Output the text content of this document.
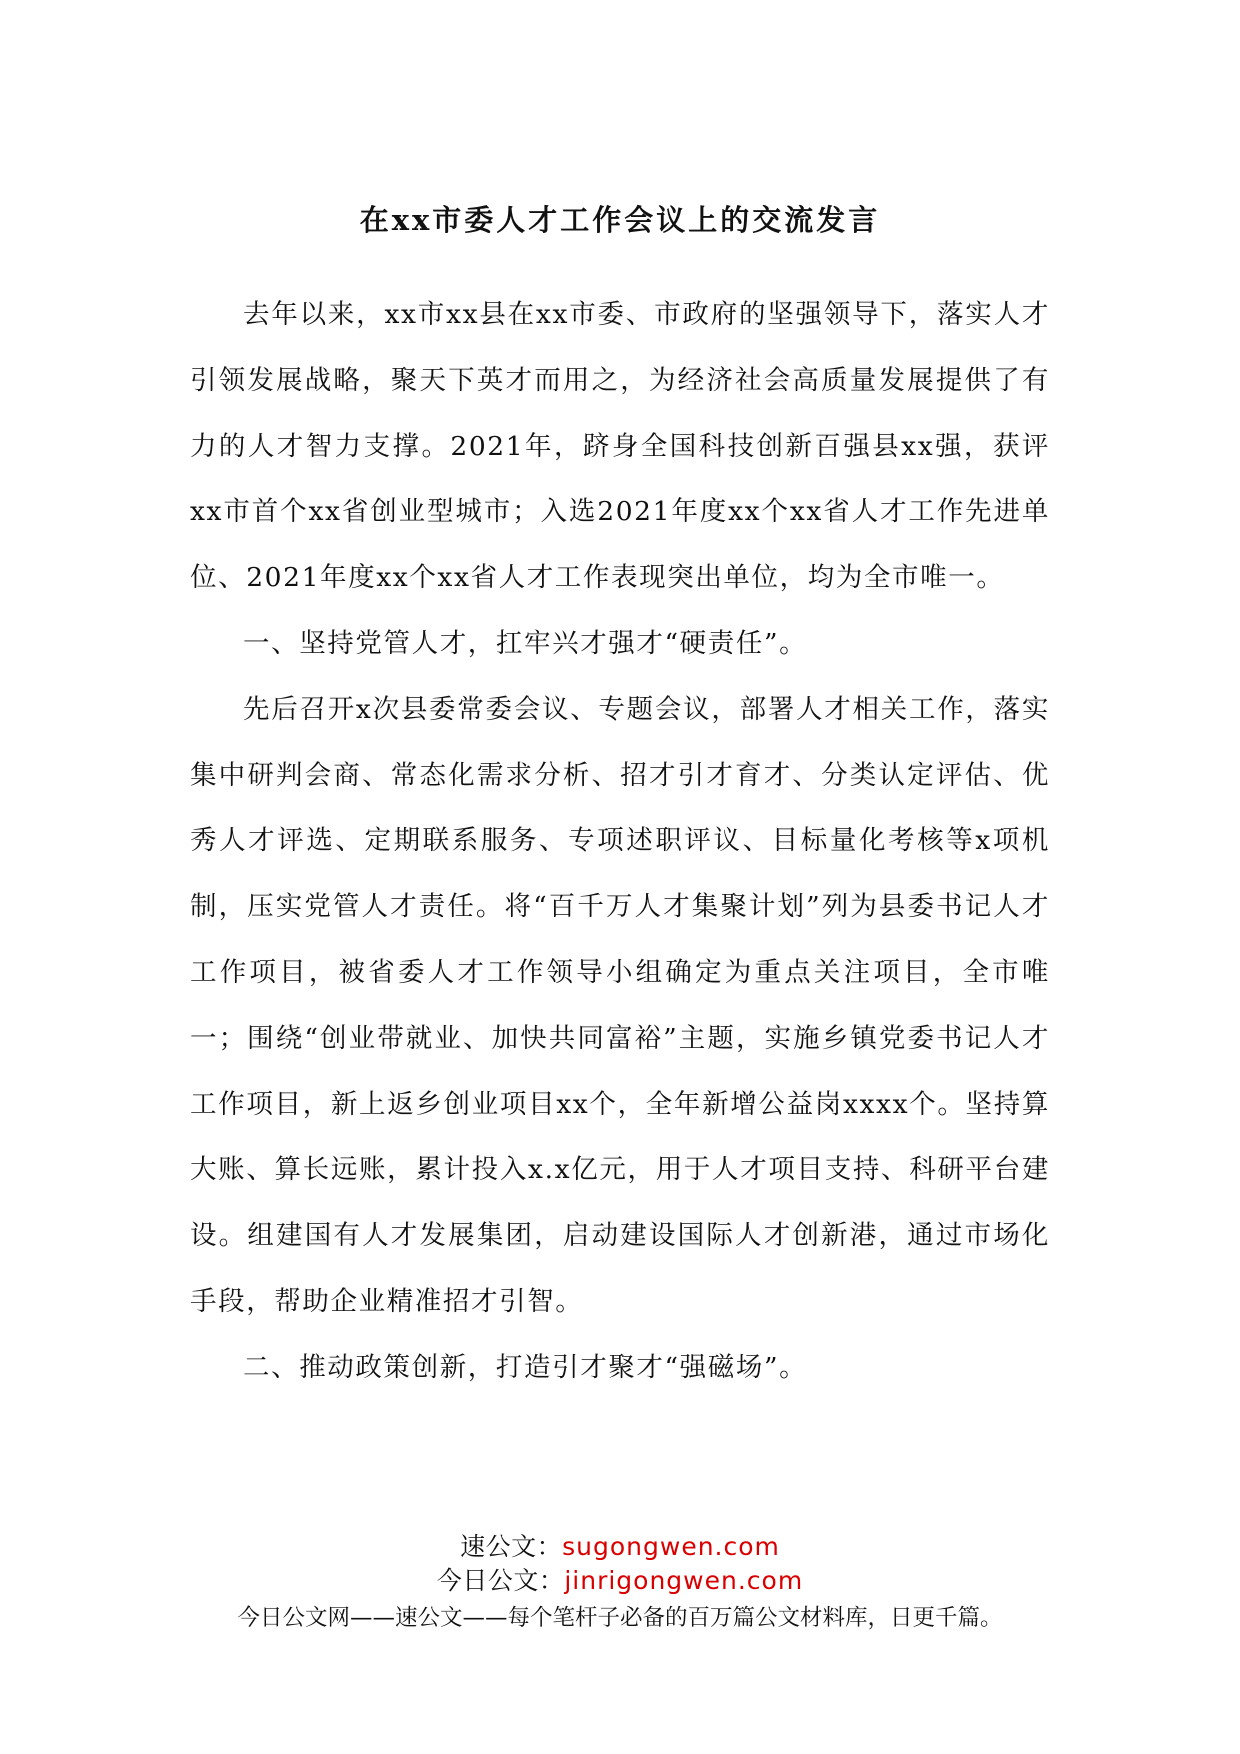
在xx市委人才工作会议上的交流发言

去年以来，xx市xx县在xx市委、市政府的坚强领导下，落实人才引领发展战略，聚天下英才而用之，为经济社会高质量发展提供了有力的人才智力支撑。2021年，跻身全国科技创新百强县xx强，获评xx市首个xx省创业型城市；入选2021年度xx个xx省人才工作先进单位、2021年度xx个xx省人才工作表现突出单位，均为全市唯一。

一、坚持党管人才，扛牢兴才强才“硬责任”。

先后召开x次县委常委会议、专题会议，部署人才相关工作，落实集中研判会商、常态化需求分析、招才引才育才、分类认定评估、优秀人才评选、定期联系服务、专项述职评议、目标量化考核等x项机制，压实党管人才责任。将“百千万人才集聚计划”列为县委书记人才工作项目，被省委人才工作领导小组确定为重点关注项目，全市唯一；围绕“创业带就业、加快共同富裕”主题，实施乡镇党委书记人才工作项目，新上返乡创业项目xx个，全年新增公益岗xxxx个。坚持算大账、算长远账，累计投入x.x亿元，用于人才项目支持、科研平台建设。组建国有人才发展集团，启动建设国际人才创新港，通过市场化手段，帮助企业精准招才引智。

二、推动政策创新，打造引才聚才“强磁场”。

速公文：sugongwen.com

今日公文：jinrigongwen.com

今日公文网——速公文——每个笔杆子必备的百万篇公文材料库，日更千篇。
